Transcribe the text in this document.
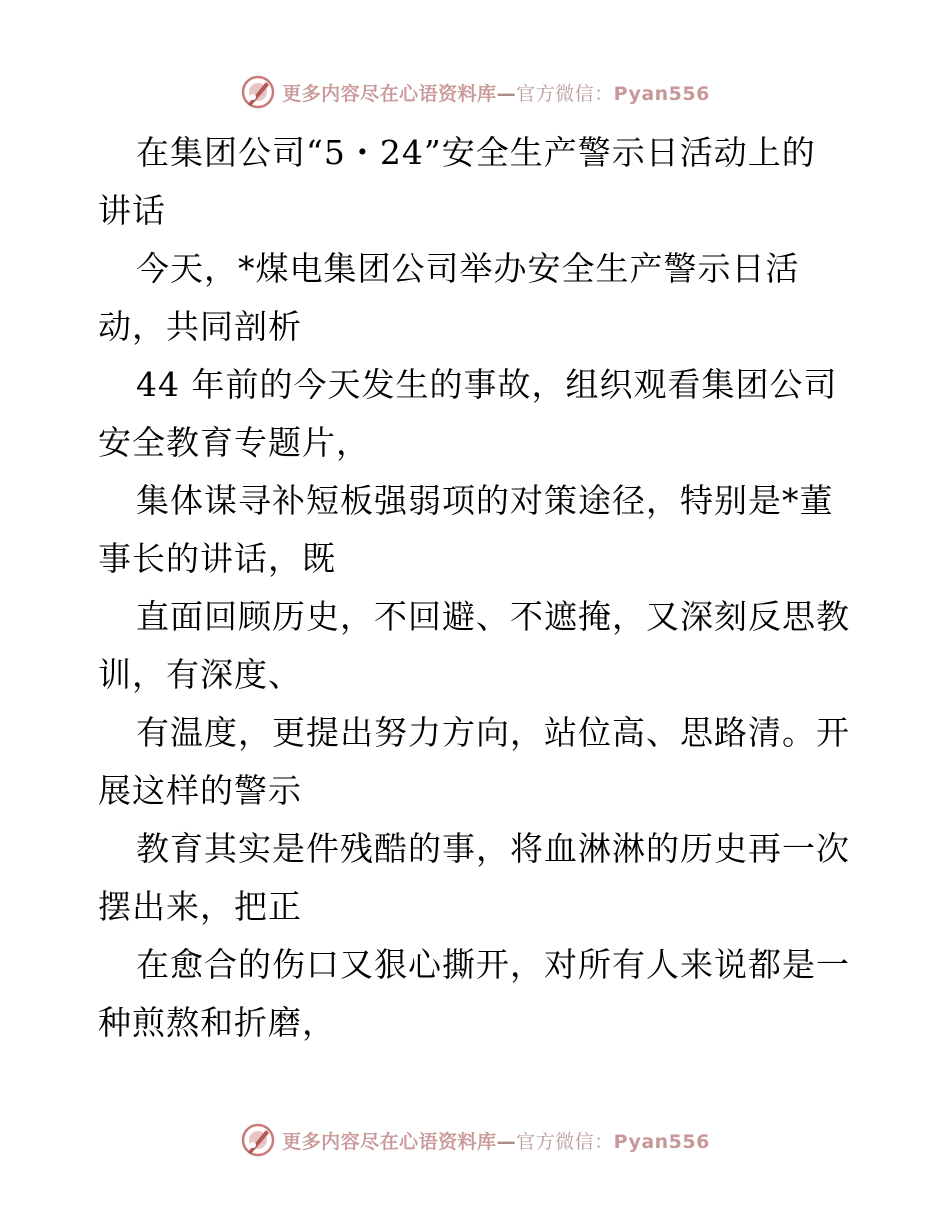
更多内容尽在心语资料库—官方微信：Pyan556
在集团公司“5・24”安全生产警示日活动上的
讲话
今天，*煤电集团公司举办安全生产警示日活
动，共同剖析
44 年前的今天发生的事故，组织观看集团公司
安全教育专题片，
集体谋寻补短板强弱项的对策途径，特别是*董
事长的讲话，既
直面回顾历史，不回避、不遮掩，又深刻反思教
训，有深度、
有温度，更提出努力方向，站位高、思路清。开
展这样的警示
教育其实是件残酷的事，将血淋淋的历史再一次
摆出来，把正
在愈合的伤口又狠心撕开，对所有人来说都是一
种煎熬和折磨，
更多内容尽在心语资料库—官方微信：Pyan556
